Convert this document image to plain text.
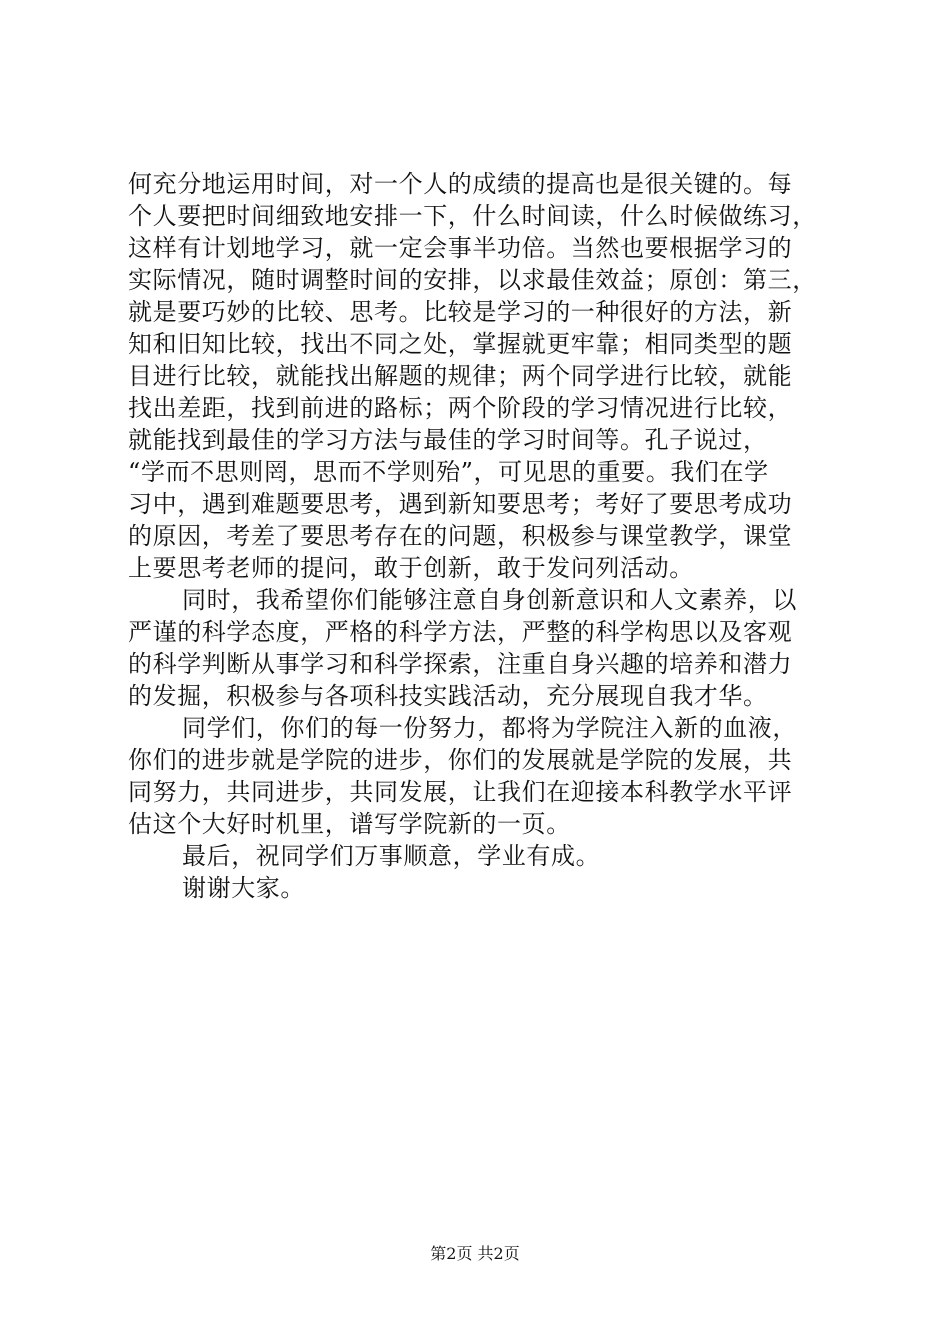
何充分地运用时间，对一个人的成绩的提高也是很关键的。每
个人要把时间细致地安排一下，什么时间读，什么时候做练习，
这样有计划地学习，就一定会事半功倍。当然也要根据学习的
实际情况，随时调整时间的安排，以求最佳效益；原创：第三，
就是要巧妙的比较、思考。比较是学习的一种很好的方法，新
知和旧知比较，找出不同之处，掌握就更牢靠；相同类型的题
目进行比较，就能找出解题的规律；两个同学进行比较，就能
找出差距，找到前进的路标；两个阶段的学习情况进行比较，
就能找到最佳的学习方法与最佳的学习时间等。孔子说过，
“学而不思则罔，思而不学则殆”，可见思的重要。我们在学
习中，遇到难题要思考，遇到新知要思考；考好了要思考成功
的原因，考差了要思考存在的问题，积极参与课堂教学，课堂
上要思考老师的提问，敢于创新，敢于发问列活动。
同时，我希望你们能够注意自身创新意识和人文素养，以
严谨的科学态度，严格的科学方法，严整的科学构思以及客观
的科学判断从事学习和科学探索，注重自身兴趣的培养和潜力
的发掘，积极参与各项科技实践活动，充分展现自我才华。
同学们，你们的每一份努力，都将为学院注入新的血液，
你们的进步就是学院的进步，你们的发展就是学院的发展，共
同努力，共同进步，共同发展，让我们在迎接本科教学水平评
估这个大好时机里，谱写学院新的一页。
最后，祝同学们万事顺意，学业有成。
谢谢大家。
第2页 共2页
